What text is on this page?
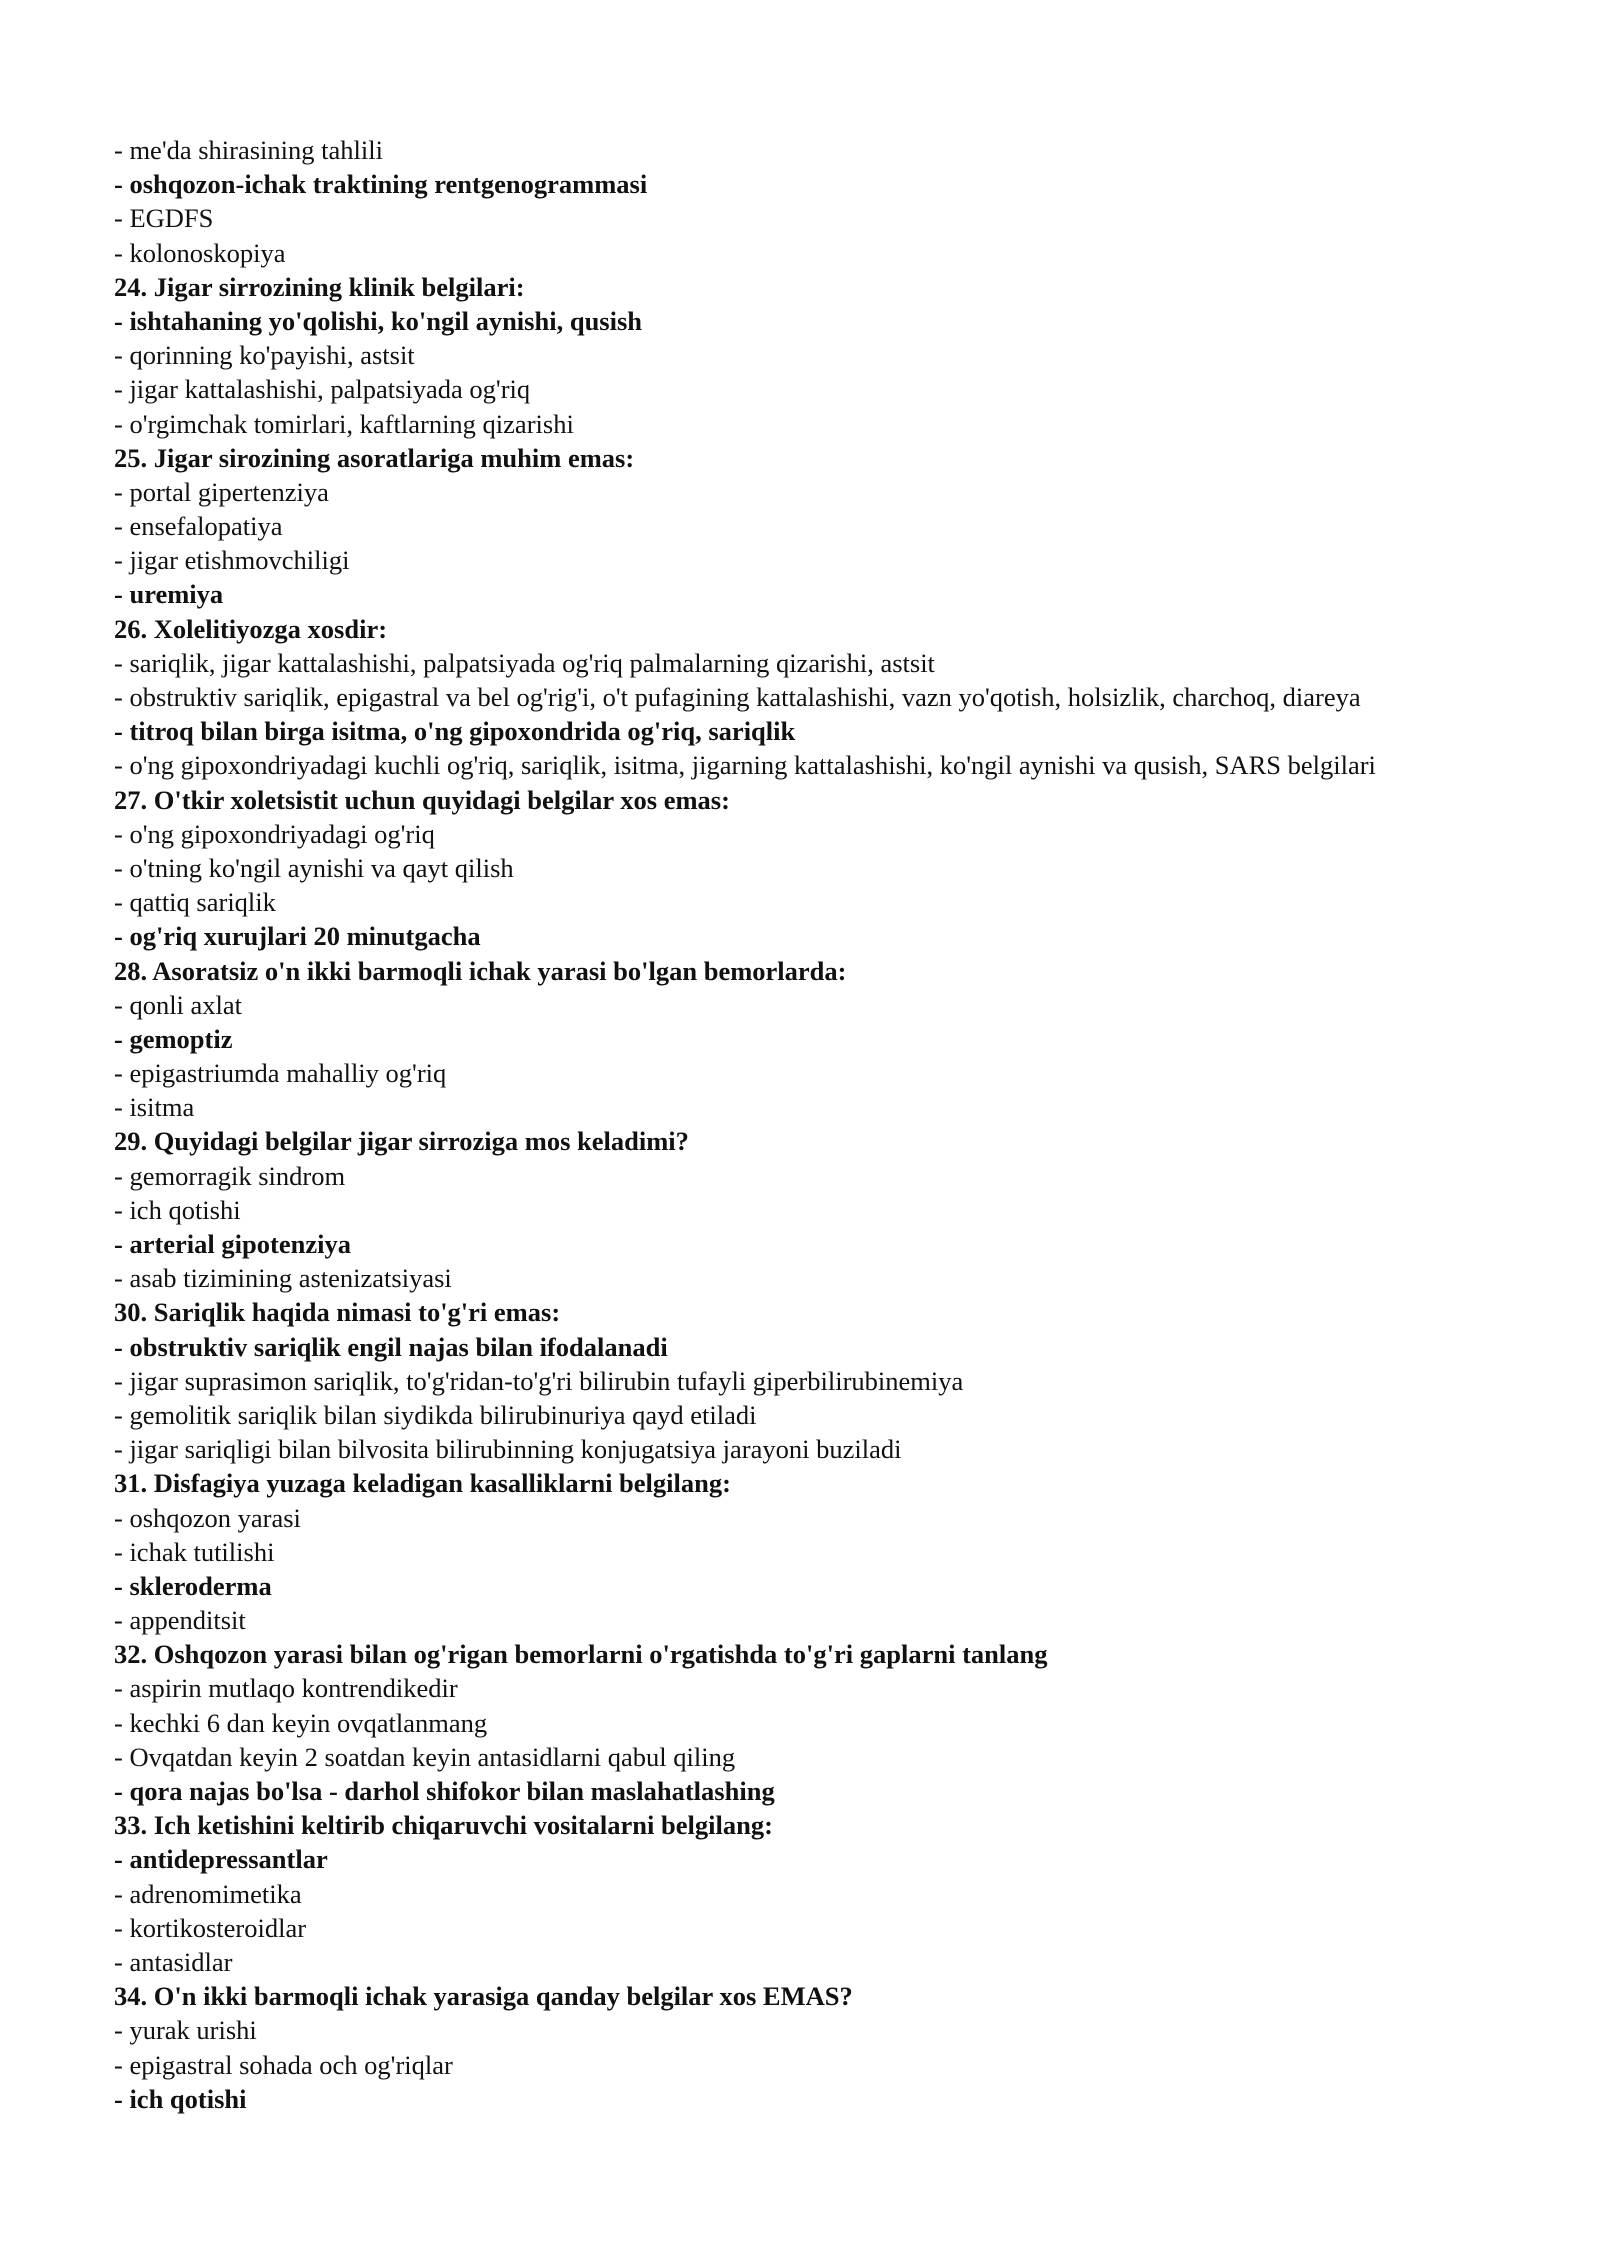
- me'da shirasining tahlili
- oshqozon-ichak traktining rentgenogrammasi
- EGDFS
- kolonoskopiya
24. Jigar sirrozining klinik belgilari:
- ishtahaning yo'qolishi, ko'ngil aynishi, qusish
- qorinning ko'payishi, astsit
- jigar kattalashishi, palpatsiyada og'riq
- o'rgimchak tomirlari, kaftlarning qizarishi
25. Jigar sirozining asoratlariga muhim emas:
- portal gipertenziya
- ensefalopatiya
- jigar etishmovchiligi
- uremiya
26. Xolelitiyozga xosdir:
- sariqlik, jigar kattalashishi, palpatsiyada og'riq palmalarning qizarishi, astsit
- obstruktiv sariqlik, epigastral va bel og'rig'i, o't pufagining kattalashishi, vazn yo'qotish, holsizlik, charchoq, diareya
- titroq bilan birga isitma, o'ng gipoxondrida og'riq, sariqlik
- o'ng gipoxondriyadagi kuchli og'riq, sariqlik, isitma, jigarning kattalashishi, ko'ngil aynishi va qusish, SARS belgilari
27. O'tkir xoletsistit uchun quyidagi belgilar xos emas:
- o'ng gipoxondriyadagi og'riq
- o'tning ko'ngil aynishi va qayt qilish
- qattiq sariqlik
- og'riq xurujlari 20 minutgacha
28. Asoratsiz o'n ikki barmoqli ichak yarasi bo'lgan bemorlarda:
- qonli axlat
- gemoptiz
- epigastriumda mahalliy og'riq
- isitma
29. Quyidagi belgilar jigar sirroziga mos keladimi?
- gemorragik sindrom
- ich qotishi
- arterial gipotenziya
- asab tizimining astenizatsiyasi
30. Sariqlik haqida nimasi to'g'ri emas:
- obstruktiv sariqlik engil najas bilan ifodalanadi
- jigar suprasimon sariqlik, to'g'ridan-to'g'ri bilirubin tufayli giperbilirubinemiya
- gemolitik sariqlik bilan siydikda bilirubinuriya qayd etiladi
- jigar sariqligi bilan bilvosita bilirubinning konjugatsiya jarayoni buziladi
31. Disfagiya yuzaga keladigan kasalliklarni belgilang:
- oshqozon yarasi
- ichak tutilishi
- skleroderma
- appenditsit
32. Oshqozon yarasi bilan og'rigan bemorlarni o'rgatishda to'g'ri gaplarni tanlang
- aspirin mutlaqo kontrendikedir
- kechki 6 dan keyin ovqatlanmang
- Ovqatdan keyin 2 soatdan keyin antasidlarni qabul qiling
- qora najas bo'lsa - darhol shifokor bilan maslahatlashing
33. Ich ketishini keltirib chiqaruvchi vositalarni belgilang:
- antidepressantlar
- adrenomimetika
- kortikosteroidlar
- antasidlar
34. O'n ikki barmoqli ichak yarasiga qanday belgilar xos EMAS?
- yurak urishi
- epigastral sohada och og'riqlar
- ich qotishi
